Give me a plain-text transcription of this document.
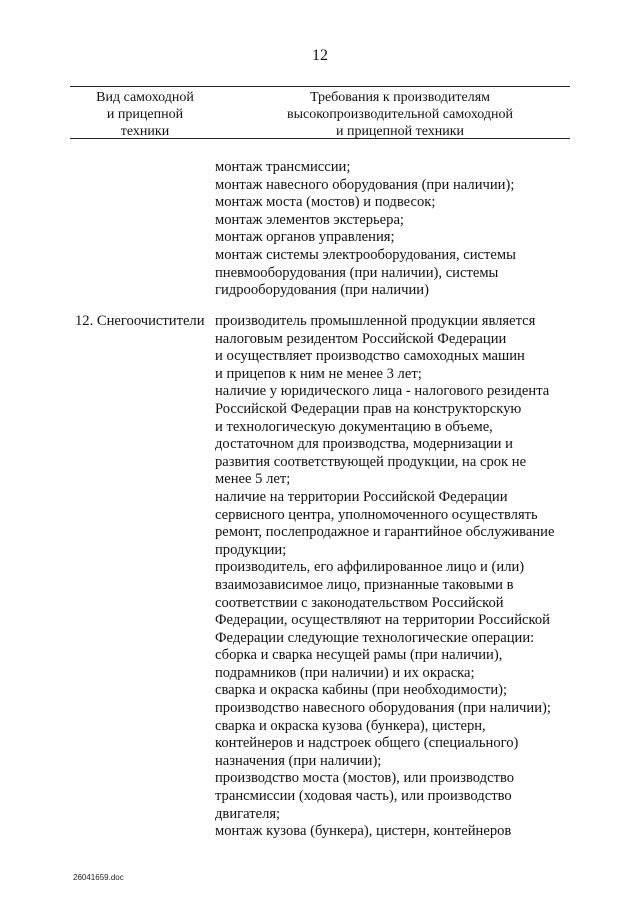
12
Вид самоходной
и прицепной
техники
Требования к производителям
высокопроизводительной самоходной
и прицепной техники
монтаж трансмиссии;
монтаж навесного оборудования (при наличии);
монтаж моста (мостов) и подвесок;
монтаж элементов экстерьера;
монтаж органов управления;
монтаж системы электрооборудования, системы
пневмооборудования (при наличии), системы
гидрооборудования (при наличии)
12. Снегоочистители производитель промышленной продукции является
налоговым резидентом Российской Федерации
и осуществляет производство самоходных машин
и прицепов к ним не менее 3 лет;
наличие у юридического лица - налогового резидента
Российской Федерации прав на конструкторскую
и технологическую документацию в объеме,
достаточном для производства, модернизации и
развития соответствующей продукции, на срок не
менее 5 лет;
наличие на территории Российской Федерации
сервисного центра, уполномоченного осуществлять
ремонт, послепродажное и гарантийное обслуживание
продукции;
производитель, его аффилированное лицо и (или)
взаимозависимое лицо, признанные таковыми в
соответствии с законодательством Российской
Федерации, осуществляют на территории Российской
Федерации следующие технологические операции:
сборка и сварка несущей рамы (при наличии),
подрамников (при наличии) и их окраска;
сварка и окраска кабины (при необходимости);
производство навесного оборудования (при наличии);
сварка и окраска кузова (бункера), цистерн,
контейнеров и надстроек общего (специального)
назначения (при наличии);
производство моста (мостов), или производство
трансмиссии (ходовая часть), или производство
двигателя;
монтаж кузова (бункера), цистерн, контейнеров
26041659.doc
